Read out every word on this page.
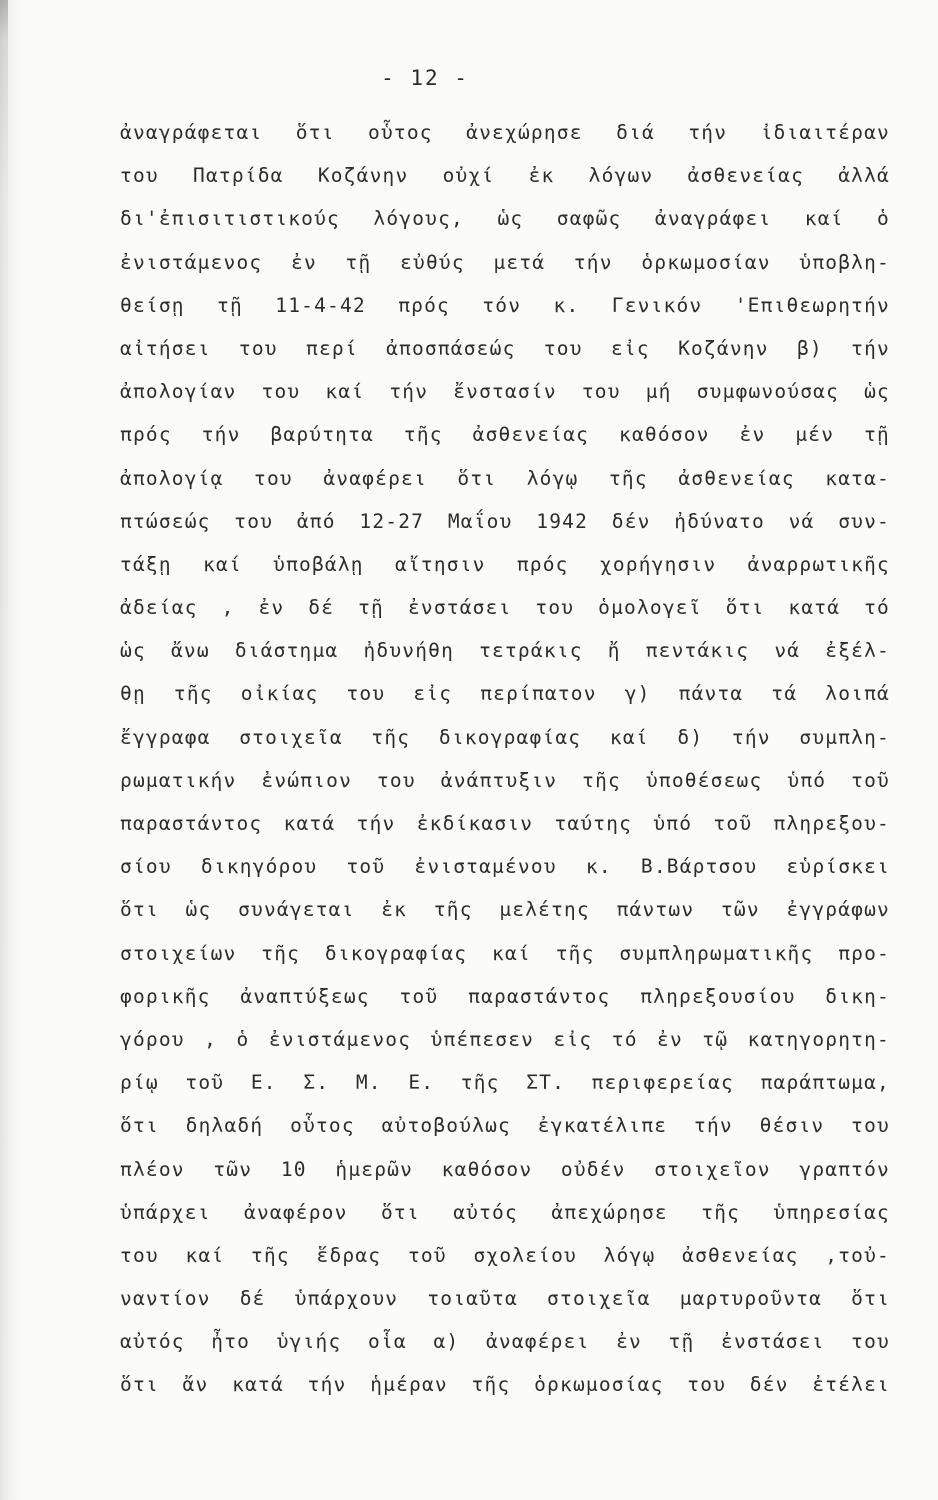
- 12 -
ἀναγράφεται ὅτι οὗτος ἀνεχώρησε διά τήν ἰδιαιτέραν
του Πατρίδα Κοζάνην οὐχί ἐκ λόγων ἀσθενείας ἀλλά
δι'ἐπισιτιστικούς λόγους, ὡς σαφῶς ἀναγράφει καί ὁ
ἐνιστάμενος ἐν τῇ εὐθύς μετά τήν ὁρκωμοσίαν ὑποβλη-
θείσῃ τῇ 11-4-42 πρός τόν κ. Γενικόν 'Επιθεωρητήν
αἰτήσει του περί ἀποσπάσεώς του εἰς Κοζάνην β) τήν
ἀπολογίαν του καί τήν ἔνστασίν του μή συμφωνούσας ὡς
πρός τήν βαρύτητα τῆς ἀσθενείας καθόσον ἐν μέν τῇ
ἀπολογίᾳ του ἀναφέρει ὅτι λόγῳ τῆς ἀσθενείας κατα-
πτώσεώς του ἀπό 12-27 Μαΐου 1942 δέν ἠδύνατο νά συν-
τάξῃ καί ὑποβάλῃ αἴτησιν πρός χορήγησιν ἀναρρωτικῆς
ἀδείας , ἐν δέ τῇ ἐνστάσει του ὁμολογεῖ ὅτι κατά τό
ὡς ἄνω διάστημα ἠδυνήθη τετράκις ἤ πεντάκις νά ἐξέλ-
θῃ τῆς οἰκίας του εἰς περίπατον γ) πάντα τά λοιπά
ἔγγραφα στοιχεῖα τῆς δικογραφίας καί δ) τήν συμπλη-
ρωματικήν ἐνώπιον του ἀνάπτυξιν τῆς ὑποθέσεως ὑπό τοῦ
παραστάντος κατά τήν ἐκδίκασιν ταύτης ὑπό τοῦ πληρεξου-
σίου δικηγόρου τοῦ ἐνισταμένου κ. Β.Βάρτσου εὑρίσκει
ὅτι ὡς συνάγεται ἐκ τῆς μελέτης πάντων τῶν ἐγγράφων
στοιχείων τῆς δικογραφίας καί τῆς συμπληρωματικῆς προ-
φορικῆς ἀναπτύξεως τοῦ παραστάντος πληρεξουσίου δικη-
γόρου , ὁ ἐνιστάμενος ὑπέπεσεν εἰς τό ἐν τῷ κατηγορητη-
ρίῳ τοῦ Ε. Σ. Μ. Ε. τῆς ΣΤ. περιφερείας παράπτωμα,
ὅτι δηλαδή οὗτος αὐτοβούλως ἐγκατέλιπε τήν θέσιν του
πλέον τῶν 10 ἡμερῶν καθόσον οὐδέν στοιχεῖον γραπτόν
ὑπάρχει ἀναφέρον ὅτι αὐτός ἀπεχώρησε τῆς ὑπηρεσίας
του καί τῆς ἕδρας τοῦ σχολείου λόγῳ ἀσθενείας ,τοὐ-
ναντίον δέ ὑπάρχουν τοιαῦτα στοιχεῖα μαρτυροῦντα ὅτι
αὐτός ἦτο ὑγιής οἷα α) ἀναφέρει ἐν τῇ ἐνστάσει του
ὅτι ἄν κατά τήν ἡμέραν τῆς ὁρκωμοσίας του δέν ἐτέλει
